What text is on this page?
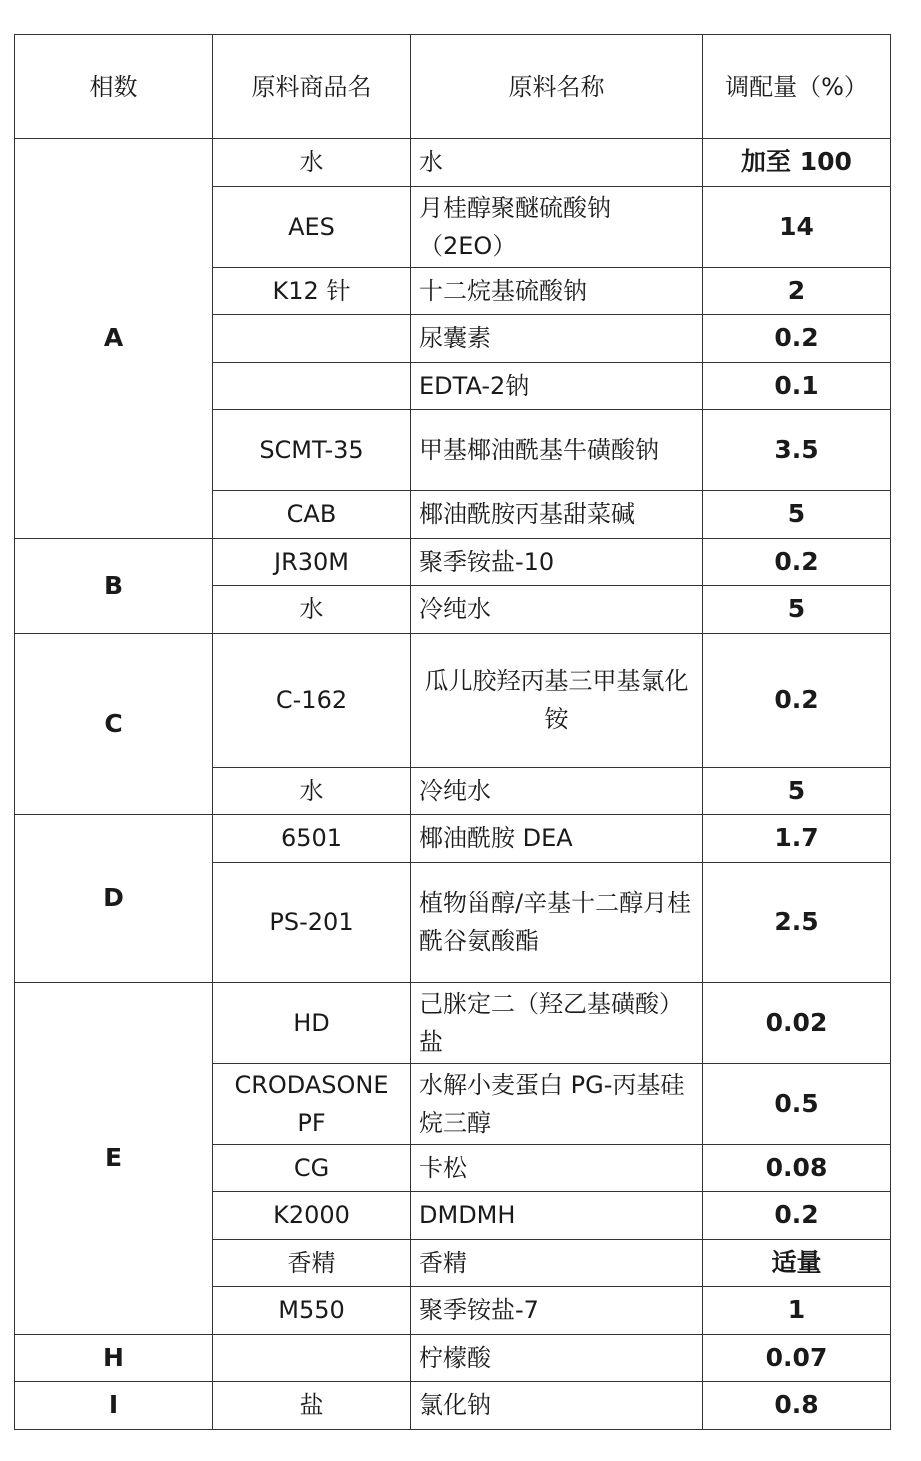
相数	原料商品名	原料名称	调配量（%）
A	水	水	加至 100
	AES	月桂醇聚醚硫酸钠（2EO）	14
	K12 针	十二烷基硫酸钠	2
		尿囊素	0.2
		EDTA-2钠	0.1
	SCMT-35	甲基椰油酰基牛磺酸钠	3.5
	CAB	椰油酰胺丙基甜菜碱	5
B	JR30M	聚季铵盐-10	0.2
	水	冷纯水	5
C	C-162	瓜儿胶羟丙基三甲基氯化铵	0.2
	水	冷纯水	5
D	6501	椰油酰胺 DEA	1.7
	PS-201	植物甾醇/辛基十二醇月桂酰谷氨酸酯	2.5
E	HD	己脒定二（羟乙基磺酸）盐	0.02
	CRODASONE PF	水解小麦蛋白 PG-丙基硅烷三醇	0.5
	CG	卡松	0.08
	K2000	DMDMH	0.2
	香精	香精	适量
	M550	聚季铵盐-7	1
H		柠檬酸	0.07
I	盐	氯化钠	0.8
